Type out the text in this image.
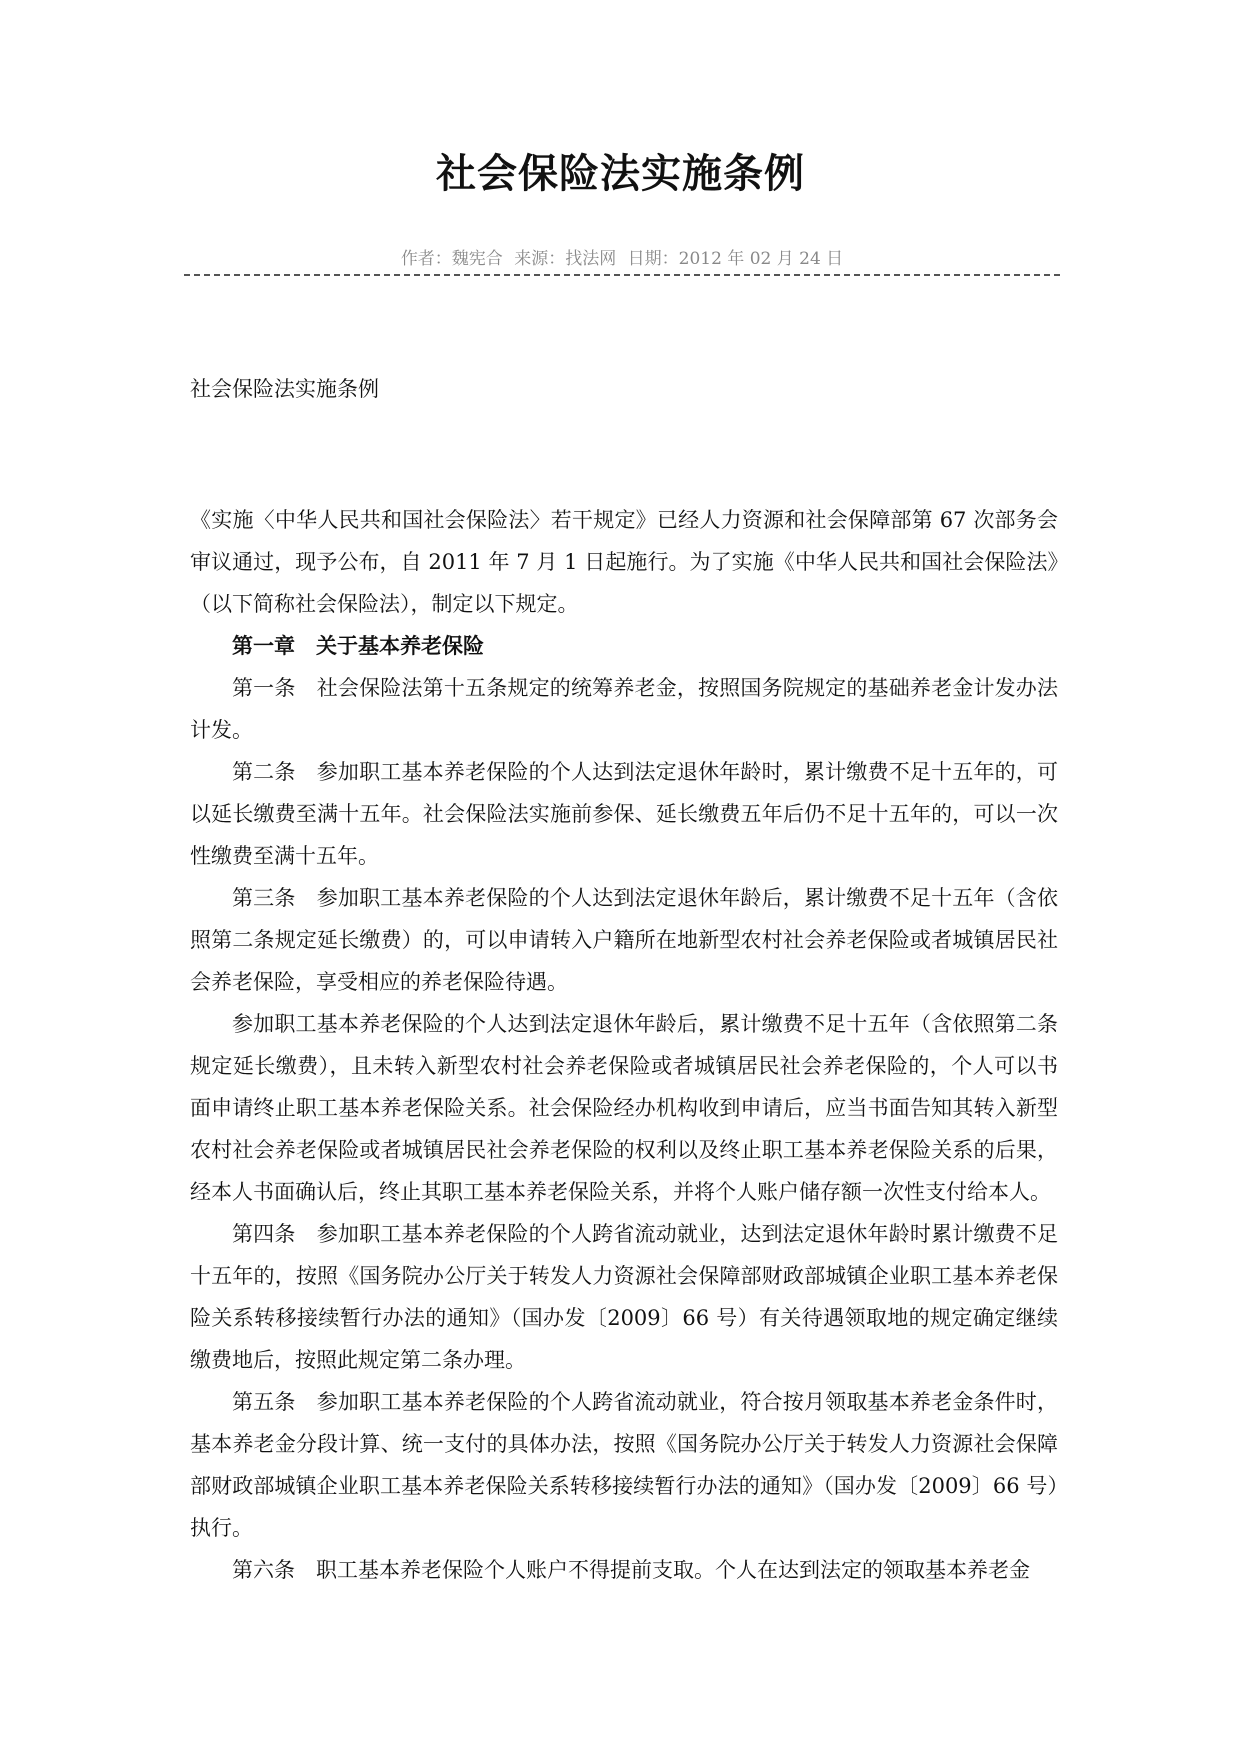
社会保险法实施条例
作者：魏宪合 来源：找法网 日期：2012 年 02 月 24 日
社会保险法实施条例

《实施〈中华人民共和国社会保险法〉若干规定》已经人力资源和社会保障部第 67 次部务会审议通过，现予公布，自 2011 年 7 月 1 日起施行。为了实施《中华人民共和国社会保险法》（以下简称社会保险法），制定以下规定。

第一章　关于基本养老保险

第一条　社会保险法第十五条规定的统筹养老金，按照国务院规定的基础养老金计发办法计发。

第二条　参加职工基本养老保险的个人达到法定退休年龄时，累计缴费不足十五年的，可以延长缴费至满十五年。社会保险法实施前参保、延长缴费五年后仍不足十五年的，可以一次性缴费至满十五年。

第三条　参加职工基本养老保险的个人达到法定退休年龄后，累计缴费不足十五年（含依照第二条规定延长缴费）的，可以申请转入户籍所在地新型农村社会养老保险或者城镇居民社会养老保险，享受相应的养老保险待遇。

参加职工基本养老保险的个人达到法定退休年龄后，累计缴费不足十五年（含依照第二条规定延长缴费），且未转入新型农村社会养老保险或者城镇居民社会养老保险的，个人可以书面申请终止职工基本养老保险关系。社会保险经办机构收到申请后，应当书面告知其转入新型农村社会养老保险或者城镇居民社会养老保险的权利以及终止职工基本养老保险关系的后果，经本人书面确认后，终止其职工基本养老保险关系，并将个人账户储存额一次性支付给本人。

第四条　参加职工基本养老保险的个人跨省流动就业，达到法定退休年龄时累计缴费不足十五年的，按照《国务院办公厅关于转发人力资源社会保障部财政部城镇企业职工基本养老保险关系转移接续暂行办法的通知》（国办发〔2009〕66 号）有关待遇领取地的规定确定继续缴费地后，按照此规定第二条办理。

第五条　参加职工基本养老保险的个人跨省流动就业，符合按月领取基本养老金条件时，基本养老金分段计算、统一支付的具体办法，按照《国务院办公厅关于转发人力资源社会保障部财政部城镇企业职工基本养老保险关系转移接续暂行办法的通知》（国办发〔2009〕66 号）执行。

第六条　职工基本养老保险个人账户不得提前支取。个人在达到法定的领取基本养老金
